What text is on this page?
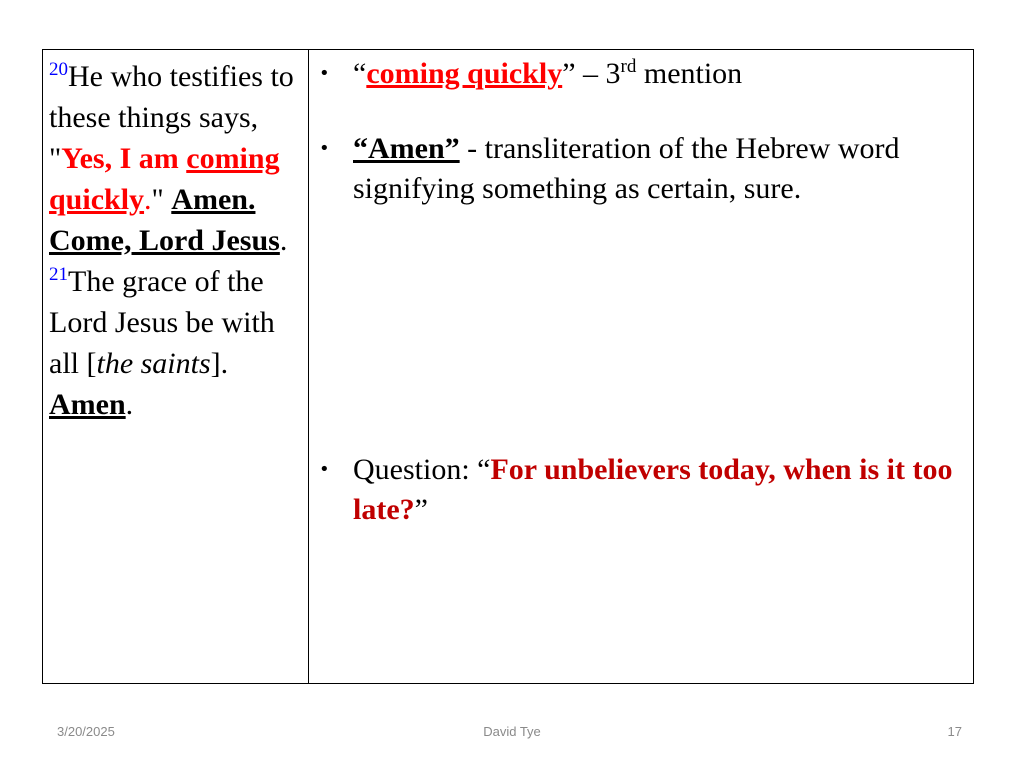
$^{20}$He who testifies to these things says, "Yes, I am coming quickly." Amen. Come, Lord Jesus. $^{21}$The grace of the Lord Jesus be with all [the saints]. Amen.

• “coming quickly” – 3rd mention
• “Amen” - transliteration of the Hebrew word signifying something as certain, sure.
• Question: “For unbelievers today, when is it too late?”
3/20/2025	David Tye	17
